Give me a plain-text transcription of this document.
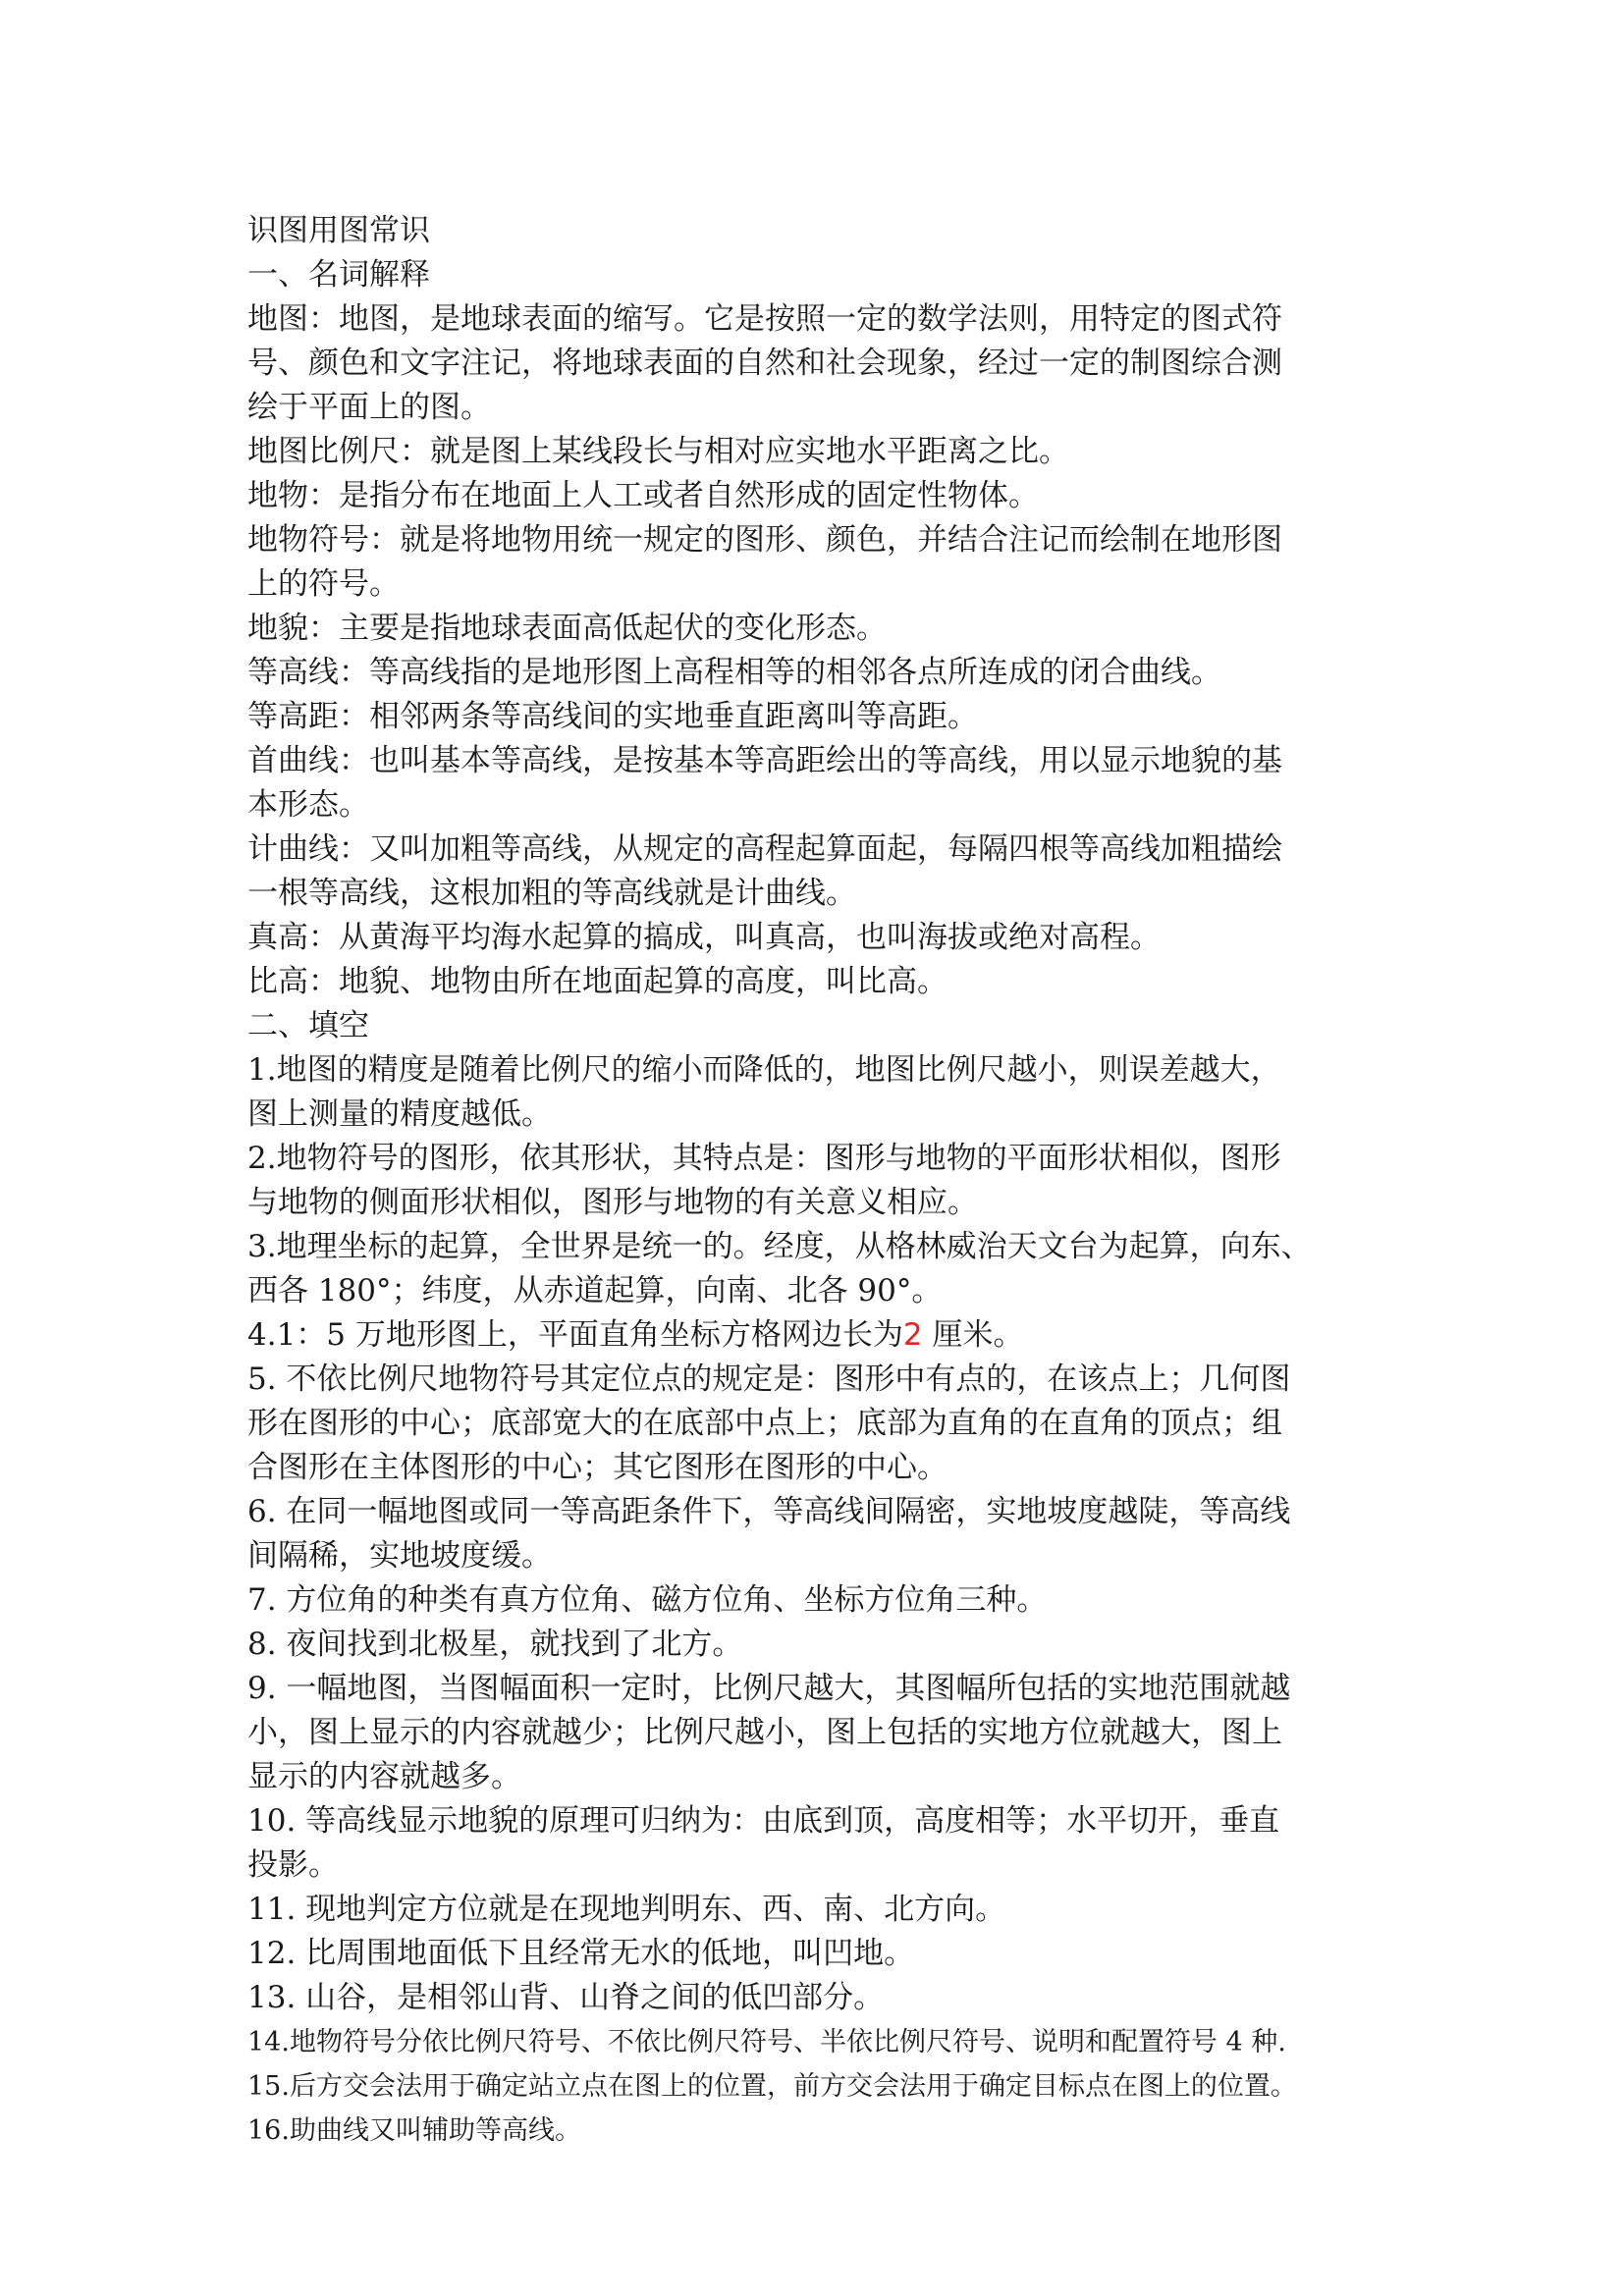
识图用图常识
一、名词解释
地图：地图，是地球表面的缩写。它是按照一定的数学法则，用特定的图式符
号、颜色和文字注记，将地球表面的自然和社会现象，经过一定的制图综合测
绘于平面上的图。
地图比例尺：就是图上某线段长与相对应实地水平距离之比。
地物：是指分布在地面上人工或者自然形成的固定性物体。
地物符号：就是将地物用统一规定的图形、颜色，并结合注记而绘制在地形图
上的符号。
地貌：主要是指地球表面高低起伏的变化形态。
等高线：等高线指的是地形图上高程相等的相邻各点所连成的闭合曲线。
等高距：相邻两条等高线间的实地垂直距离叫等高距。
首曲线：也叫基本等高线，是按基本等高距绘出的等高线，用以显示地貌的基
本形态。
计曲线：又叫加粗等高线，从规定的高程起算面起，每隔四根等高线加粗描绘
一根等高线，这根加粗的等高线就是计曲线。
真高：从黄海平均海水起算的搞成，叫真高，也叫海拔或绝对高程。
比高：地貌、地物由所在地面起算的高度，叫比高。
二、填空
1.地图的精度是随着比例尺的缩小而降低的，地图比例尺越小，则误差越大，
图上测量的精度越低。
2.地物符号的图形，依其形状，其特点是：图形与地物的平面形状相似，图形
与地物的侧面形状相似，图形与地物的有关意义相应。
3.地理坐标的起算，全世界是统一的。经度，从格林威治天文台为起算，向东、
西各 180°；纬度，从赤道起算，向南、北各 90°。
4.1：5 万地形图上，平面直角坐标方格网边长为2 厘米。
5. 不依比例尺地物符号其定位点的规定是：图形中有点的，在该点上；几何图
形在图形的中心；底部宽大的在底部中点上；底部为直角的在直角的顶点；组
合图形在主体图形的中心；其它图形在图形的中心。
6. 在同一幅地图或同一等高距条件下，等高线间隔密，实地坡度越陡，等高线
间隔稀，实地坡度缓。
7. 方位角的种类有真方位角、磁方位角、坐标方位角三种。
8. 夜间找到北极星，就找到了北方。
9. 一幅地图，当图幅面积一定时，比例尺越大，其图幅所包括的实地范围就越
小，图上显示的内容就越少；比例尺越小，图上包括的实地方位就越大，图上
显示的内容就越多。
10. 等高线显示地貌的原理可归纳为：由底到顶，高度相等；水平切开，垂直
投影。
11. 现地判定方位就是在现地判明东、西、南、北方向。
12. 比周围地面低下且经常无水的低地，叫凹地。
13. 山谷，是相邻山背、山脊之间的低凹部分。
14.地物符号分依比例尺符号、不依比例尺符号、半依比例尺符号、说明和配置符号 4 种.
15.后方交会法用于确定站立点在图上的位置，前方交会法用于确定目标点在图上的位置。
16.助曲线又叫辅助等高线。
